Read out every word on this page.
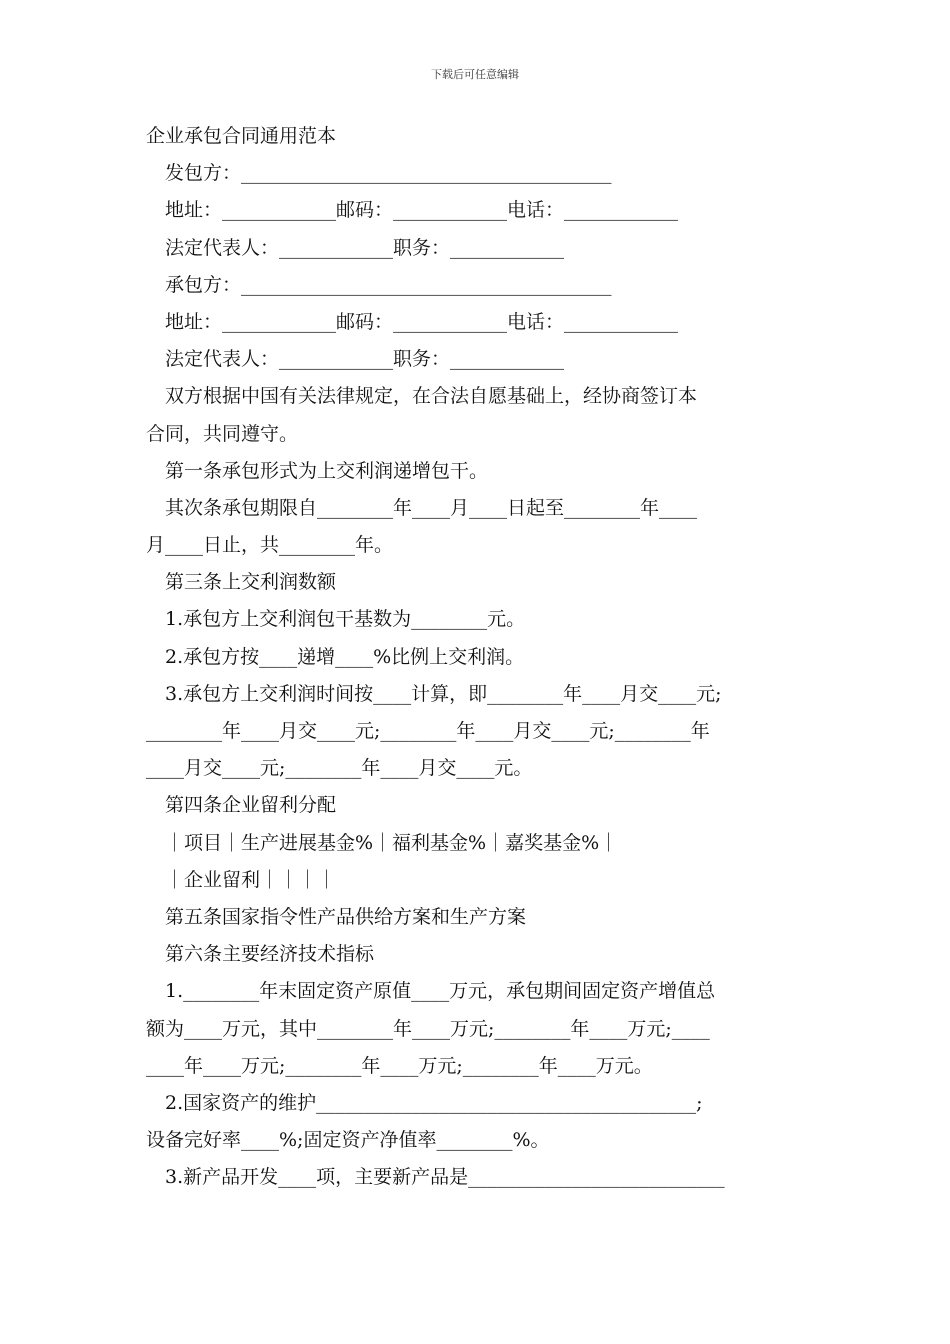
下载后可任意编辑
企业承包合同通用范本
发包方：_______________________________________
地址：____________邮码：____________电话：____________
法定代表人：____________职务：____________
承包方：_______________________________________
地址：____________邮码：____________电话：____________
法定代表人：____________职务：____________
双方根据中国有关法律规定，在合法自愿基础上，经协商签订本
合同，共同遵守。
第一条承包形式为上交利润递增包干。
其次条承包期限自________年____月____日起至________年____
月____日止，共________年。
第三条上交利润数额
1.承包方上交利润包干基数为________元。
2.承包方按____递增____%比例上交利润。
3.承包方上交利润时间按____计算，即________年____月交____元;
________年____月交____元;________年____月交____元;________年
____月交____元;________年____月交____元。
第四条企业留利分配
｜项目｜生产进展基金%｜福利基金%｜嘉奖基金%｜
｜企业留利｜｜｜｜
第五条国家指令性产品供给方案和生产方案
第六条主要经济技术指标
1.________年末固定资产原值____万元，承包期间固定资产增值总
额为____万元，其中________年____万元;________年____万元;____
____年____万元;________年____万元;________年____万元。
2.国家资产的维护________________________________________;
设备完好率____%;固定资产净值率________%。
3.新产品开发____项，主要新产品是___________________________
